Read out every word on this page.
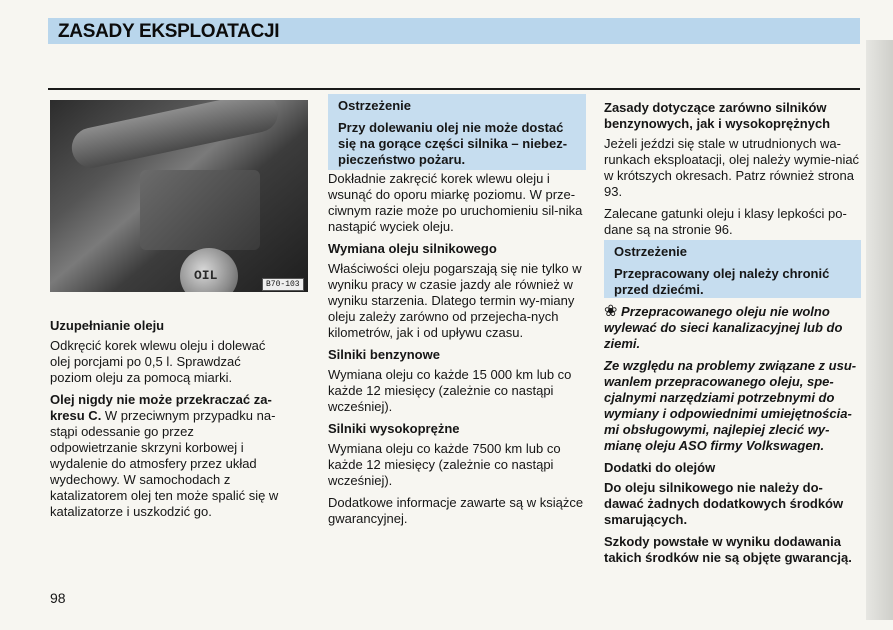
ZASADY EKSPLOATACJI
OIL
B70-103
Uzupełnianie oleju

Odkręcić korek wlewu oleju i dolewać olej porcjami po 0,5 l. Sprawdzać poziom oleju za pomocą miarki.

Olej nigdy nie może przekraczać za-kresu C. W przeciwnym przypadku na-stąpi odessanie go przez odpowietrzanie skrzyni korbowej i wydalenie do atmosfery przez układ wydechowy. W samochodach z katalizatorem olej ten może spalić się w katalizatorze i uszkodzić go.

Ostrzeżenie
Przy dolewaniu olej nie może dostać się na gorące części silnika – niebez-pieczeństwo pożaru.

Dokładnie zakręcić korek wlewu oleju i wsunąć do oporu miarkę poziomu. W prze-ciwnym razie może po uruchomieniu sil-nika nastąpić wyciek oleju.

Wymiana oleju silnikowego

Właściwości oleju pogarszają się nie tylko w wyniku pracy w czasie jazdy ale również w wyniku starzenia. Dlatego termin wy-miany oleju zależy zarówno od przejecha-nych kilometrów, jak i od upływu czasu.

Silniki benzynowe

Wymiana oleju co każde 15 000 km lub co każde 12 miesięcy (zależnie co nastąpi wcześniej).

Silniki wysokoprężne

Wymiana oleju co każde 7500 km lub co każde 12 miesięcy (zależnie co nastąpi wcześniej).

Dodatkowe informacje zawarte są w książce gwarancyjnej.

Zasady dotyczące zarówno silników benzynowych, jak i wysokoprężnych

Jeżeli jeździ się stale w utrudnionych wa-runkach eksploatacji, olej należy wymie-niać w krótszych okresach. Patrz również strona 93.

Zalecane gatunki oleju i klasy lepkości po-dane są na stronie 96.

Ostrzeżenie
Przepracowany olej należy chronić przed dziećmi.

❀ Przepracowanego oleju nie wolno wylewać do sieci kanalizacyjnej lub do ziemi.

Ze względu na problemy związane z usu-wanlem przepracowanego oleju, spe-cjalnymi narzędziami potrzebnymi do wymiany i odpowiednimi umiejętnościa-mi obsługowymi, najlepiej zlecić wy-mianę oleju ASO firmy Volkswagen.

Dodatki do olejów

Do oleju silnikowego nie należy do-dawać żadnych dodatkowych środków smarujących.

Szkody powstałe w wyniku dodawania takich środków nie są objęte gwarancją.

98
